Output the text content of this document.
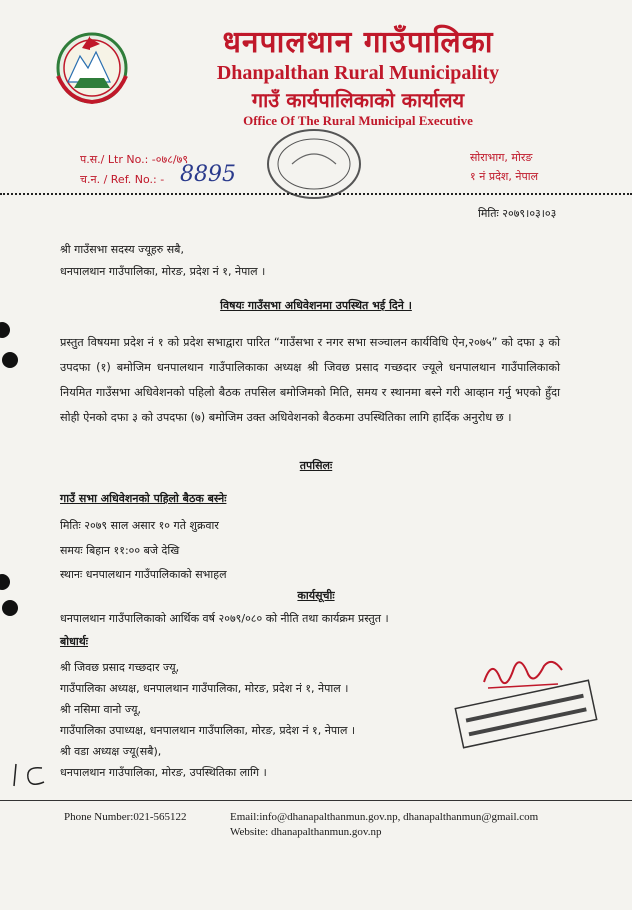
धनपालथान गाउँपालिका
Dhanpalthan Rural Municipality
गाउँ कार्यपालिकाको कार्यालय
Office Of The Rural Municipal Executive
प.स./ Ltr No.: -०७८/७९
च.न. / Ref. No.: - 8895
सोराभाग, मोरङ
१ नं प्रदेश, नेपाल
मितिः २०७९।०३।०३
श्री गाउँसभा सदस्य ज्यूहरु सबै,
धनपालथान गाउँपालिका, मोरङ, प्रदेश नं १, नेपाल ।
विषयः गाउँसभा अधिवेशनमा उपस्थित भई दिने ।
प्रस्तुत विषयमा प्रदेश नं १ को प्रदेश सभाद्वारा पारित “गाउँसभा र नगर सभा सञ्चालन कार्यविधि ऐन,२०७५” को दफा ३ को उपदफा (१) बमोजिम धनपालथान गाउँपालिकाका अध्यक्ष श्री जिवछ प्रसाद गच्छदार ज्यूले धनपालथान गाउँपालिकाको नियमित गाउँसभा अधिवेशनको पहिलो बैठक तपसिल बमोजिमको मिति, समय र स्थानमा बस्ने गरी आव्हान गर्नु भएको हुँदा सोही ऐनको दफा ३ को उपदफा (७) बमोजिम उक्त अधिवेशनको बैठकमा उपस्थितिका लागि हार्दिक अनुरोध छ ।
तपसिलः
गाउँ सभा अधिवेशनको पहिलो बैठक बस्नेः
मितिः २०७९ साल असार १० गते शुक्रवार
समयः बिहान ११:०० बजे देखि
स्थानः धनपालथान गाउँपालिकाको सभाहल
कार्यसूचीः
धनपालथान गाउँपालिकाको आर्थिक वर्ष २०७९/०८० को नीति तथा कार्यक्रम प्रस्तुत ।
बोधार्थः
श्री जिवछ प्रसाद गच्छदार ज्यू,
गाउँपालिका अध्यक्ष, धनपालथान गाउँपालिका, मोरङ, प्रदेश नं १, नेपाल ।
श्री नसिमा वानो ज्यू,
गाउँपालिका उपाध्यक्ष, धनपालथान गाउँपालिका, मोरङ, प्रदेश नं १, नेपाल ।
श्री वडा अध्यक्ष ज्यू(सबै),
धनपालथान गाउँपालिका, मोरङ, उपस्थितिका लागि ।
Phone Number:021-565122	Email:info@dhanapalthanmun.gov.np, dhanapalthanmun@gmail.com
Website: dhanapalthanmun.gov.np
